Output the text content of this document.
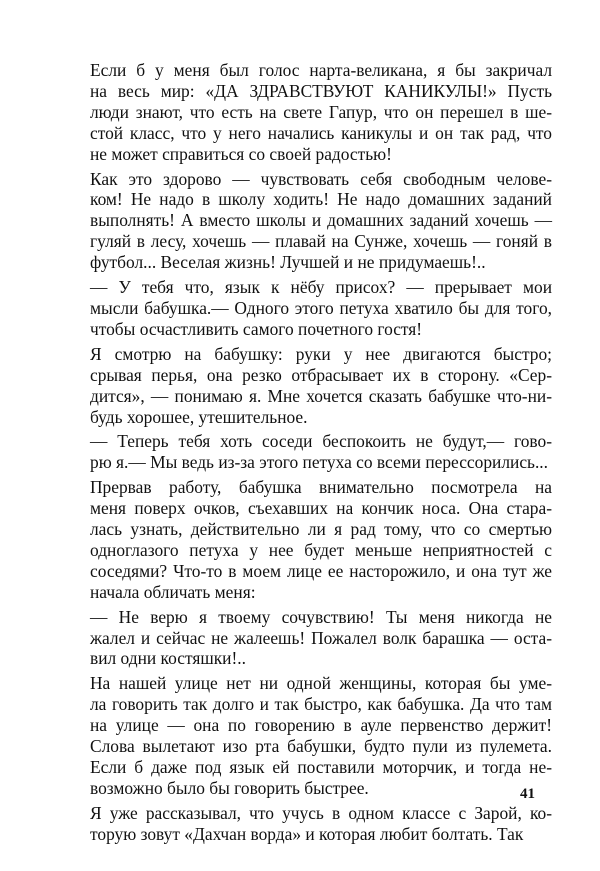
Если б у меня был голос нарта-великана, я бы закричал
на весь мир: «ДА ЗДРАВСТВУЮТ КАНИКУЛЫ!» Пусть
люди знают, что есть на свете Гапур, что он перешел в ше-
стой класс, что у него начались каникулы и он так рад, что
не может справиться со своей радостью!
Как это здорово — чувствовать себя свободным челове-
ком! Не надо в школу ходить! Не надо домашних заданий
выполнять! А вместо школы и домашних заданий хочешь —
гуляй в лесу, хочешь — плавай на Сунже, хочешь — гоняй в
футбол... Веселая жизнь! Лучшей и не придумаешь!..
— У тебя что, язык к нёбу присох? — прерывает мои
мысли бабушка.— Одного этого петуха хватило бы для того,
чтобы осчастливить самого почетного гостя!
Я смотрю на бабушку: руки у нее двигаются быстро;
срывая перья, она резко отбрасывает их в сторону. «Сер-
дится», — понимаю я. Мне хочется сказать бабушке что-ни-
будь хорошее, утешительное.
— Теперь тебя хоть соседи беспокоить не будут,— гово-
рю я.— Мы ведь из-за этого петуха со всеми перессорились...
Прервав работу, бабушка внимательно посмотрела на
меня поверх очков, съехавших на кончик носа. Она стара-
лась узнать, действительно ли я рад тому, что со смертью
одноглазого петуха у нее будет меньше неприятностей с
соседями? Что-то в моем лице ее насторожило, и она тут же
начала обличать меня:
— Не верю я твоему сочувствию! Ты меня никогда не
жалел и сейчас не жалеешь! Пожалел волк барашка — оста-
вил одни костяшки!..
На нашей улице нет ни одной женщины, которая бы уме-
ла говорить так долго и так быстро, как бабушка. Да что там
на улице — она по говорению в ауле первенство держит!
Слова вылетают изо рта бабушки, будто пули из пулемета.
Если б даже под язык ей поставили моторчик, и тогда не-
возможно было бы говорить быстрее.
Я уже рассказывал, что учусь в одном классе с Зарой, ко-
торую зовут «Дахчан ворда» и которая любит болтать. Так
41
